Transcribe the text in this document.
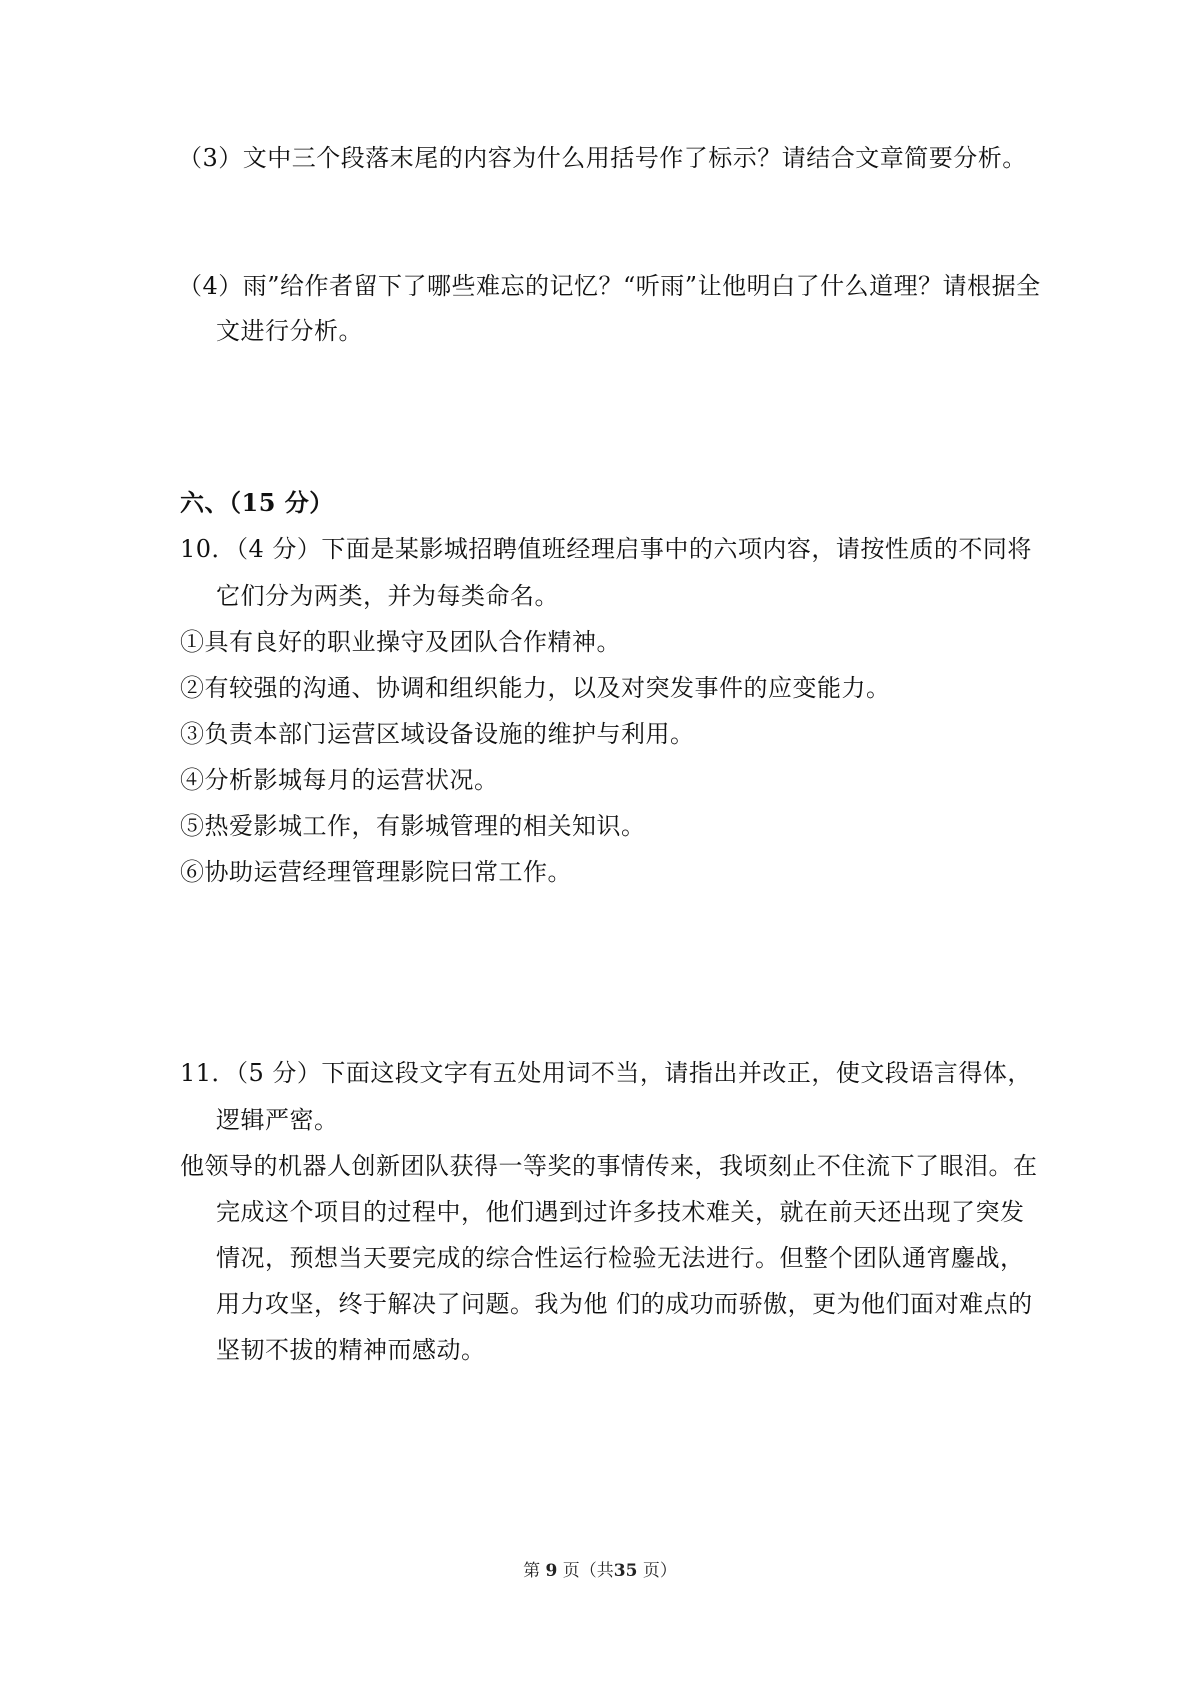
（3）文中三个段落末尾的内容为什么用括号作了标示？请结合文章简要分析。
（4）雨”给作者留下了哪些难忘的记忆？“听雨”让他明白了什么道理？请根据全
文进行分析。
六、（15 分）
10．（4 分）下面是某影城招聘值班经理启事中的六项内容，请按性质的不同将
它们分为两类，并为每类命名。
①具有良好的职业操守及团队合作精神。
②有较强的沟通、协调和组织能力，以及对突发事件的应变能力。
③负责本部门运营区域设备设施的维护与利用。
④分析影城每月的运营状况。
⑤热爱影城工作，有影城管理的相关知识。
⑥协助运营经理管理影院曰常工作。
11．（5 分）下面这段文字有五处用词不当，请指出并改正，使文段语言得体，
逻辑严密。
他领导的机器人创新团队获得一等奖的事情传来，我顷刻止不住流下了眼泪。在
完成这个项目的过程中，他们遇到过许多技术难关，就在前天还出现了突发
情况，预想当天要完成的综合性运行检验无法进行。但整个团队通宵鏖战，
用力攻坚，终于解决了问题。我为他 们的成功而骄傲，更为他们面对难点的
坚韧不拔的精神而感动。
第 9 页（共35 页）
